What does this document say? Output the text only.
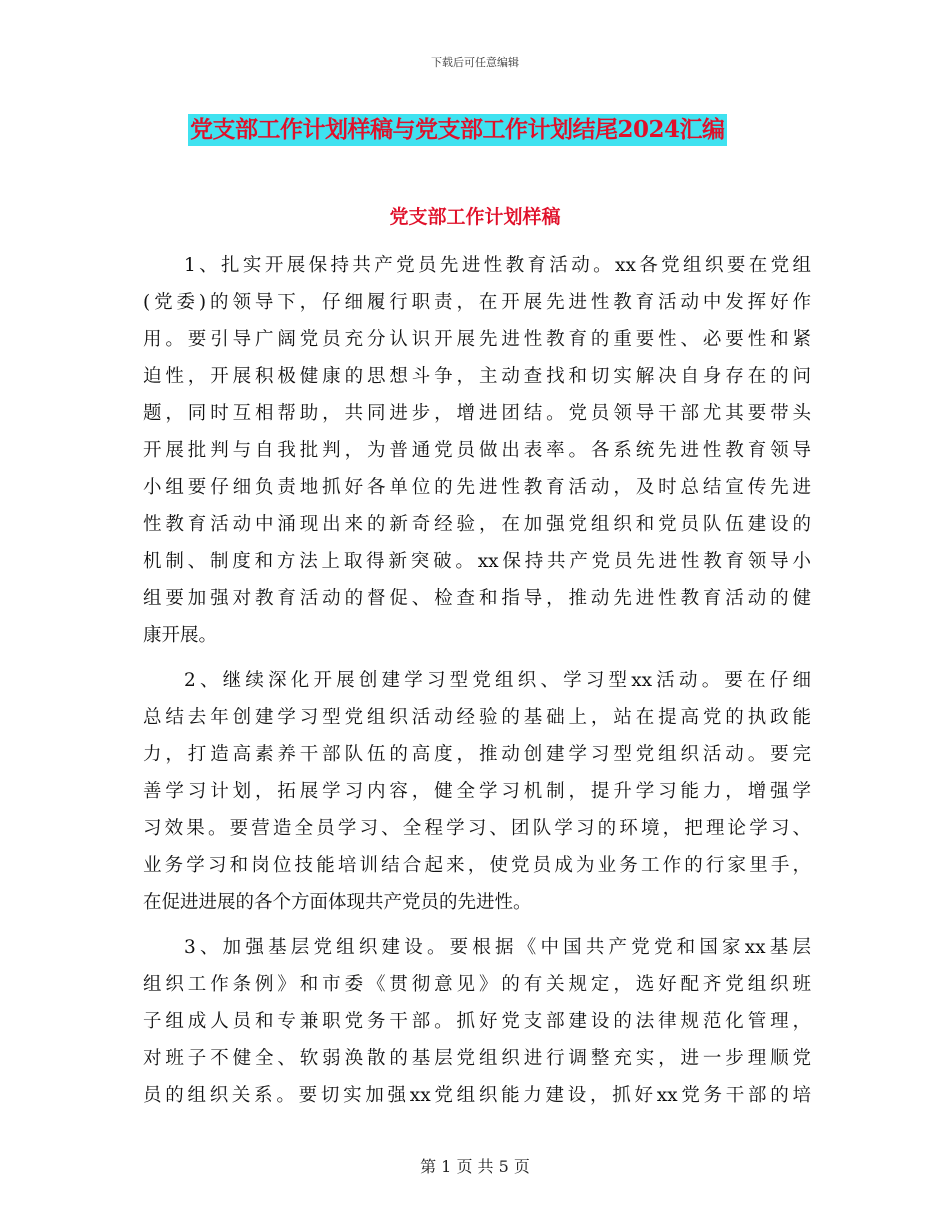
下载后可任意编辑
党支部工作计划样稿与党支部工作计划结尾2024汇编
党支部工作计划样稿
1、扎实开展保持共产党员先进性教育活动。xx各党组织要在党组
(党委)的领导下，仔细履行职责，在开展先进性教育活动中发挥好作
用。要引导广阔党员充分认识开展先进性教育的重要性、必要性和紧
迫性，开展积极健康的思想斗争，主动查找和切实解决自身存在的问
题，同时互相帮助，共同进步，增进团结。党员领导干部尤其要带头
开展批判与自我批判，为普通党员做出表率。各系统先进性教育领导
小组要仔细负责地抓好各单位的先进性教育活动，及时总结宣传先进
性教育活动中涌现出来的新奇经验，在加强党组织和党员队伍建设的
机制、制度和方法上取得新突破。xx保持共产党员先进性教育领导小
组要加强对教育活动的督促、检查和指导，推动先进性教育活动的健
康开展。
2、继续深化开展创建学习型党组织、学习型xx活动。要在仔细
总结去年创建学习型党组织活动经验的基础上，站在提高党的执政能
力，打造高素养干部队伍的高度，推动创建学习型党组织活动。要完
善学习计划，拓展学习内容，健全学习机制，提升学习能力，增强学
习效果。要营造全员学习、全程学习、团队学习的环境，把理论学习、
业务学习和岗位技能培训结合起来，使党员成为业务工作的行家里手，
在促进进展的各个方面体现共产党员的先进性。
3、加强基层党组织建设。要根据《中国共产党党和国家xx基层
组织工作条例》和市委《贯彻意见》的有关规定，选好配齐党组织班
子组成人员和专兼职党务干部。抓好党支部建设的法律规范化管理，
对班子不健全、软弱涣散的基层党组织进行调整充实，进一步理顺党
员的组织关系。要切实加强xx党组织能力建设，抓好xx党务干部的培
第 1 页 共 5 页
